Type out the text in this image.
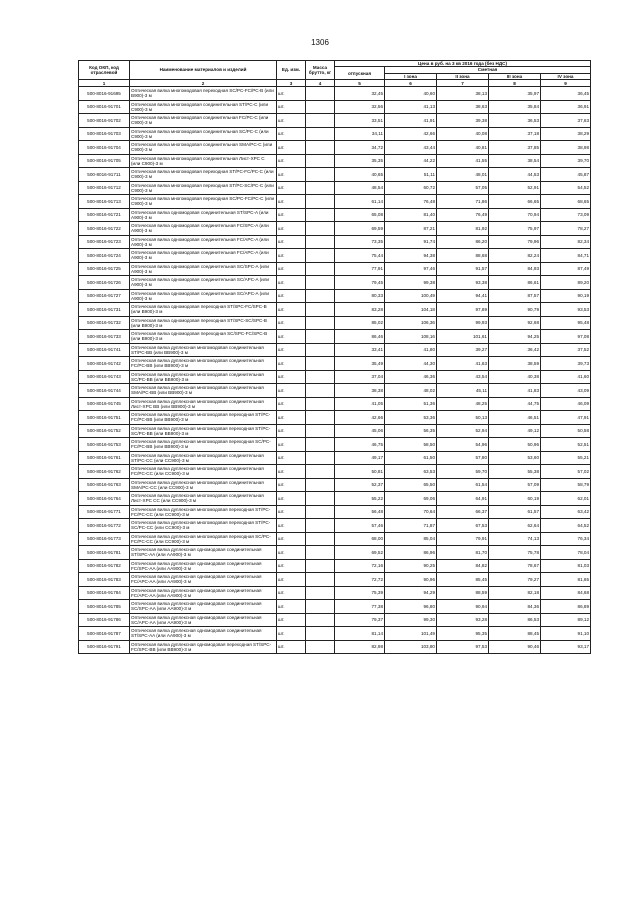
1306
Код ОКП, код отраслевой	Наименование материалов и изделий	Ед. изм.	Масса брутто, кг	Цена в руб. на 3 кв 2016 года (без НДС)				
				отпускная	Сметная			
					I зона	II зона	III зона	IV зона
1	2	3	4	5	6	7	8	9
500-8016-91695	Оптическая вилка многомодовая переходная SC/PC-FC/PC-B (или B900)-3 м	шт.		32,45	40,60	38,13	35,97	36,45
500-8016-91701	Оптическая вилка многомодовая соединительная ST/PC-C (или C900)-3 м	шт.		32,56	41,13	38,63	35,84	36,91
500-8016-91702	Оптическая вилка многомодовая соединительная FC/PC-C (или C900)-3 м	шт.		33,51	41,91	39,38	36,53	37,63
500-8016-91703	Оптическая вилка многомодовая соединительная SC/PC-C (или C900)-3 м	шт.		34,11	42,66	40,08	37,18	38,29
500-8016-91704	Оптическая вилка многомодовая соединительная SMA/PC-C (или C900)-3 м	шт.		34,72	43,44	40,81	37,85	38,98
500-8016-91705	Оптическая вилка многомодовая соединительная Лист-ХРС С (или С900)-3 м	шт.		35,35	44,22	41,55	38,54	39,70
500-8016-91711	Оптическая вилка многомодовая переходная ST/PC-FC/PC-C (или C900)-3 м	шт.		40,65	51,11	48,01	44,53	45,87
500-8016-91712	Оптическая вилка многомодовая переходная ST/PC-SC/PC-C (или C900)-3 м	шт.		48,54	60,72	57,05	52,91	54,52
500-8016-91713	Оптическая вилка многомодовая переходная SC/PC-FC/PC-C (или C900)-3 м	шт.		61,14	76,48	71,86	66,65	68,65
500-8016-91721	Оптическая вилка одномодовая соединительная ST/SPC-A (или A900)-3 м	шт.		65,08	81,40	76,49	70,94	73,09
500-8016-91722	Оптическая вилка одномодовая соединительная FC/SPC-A (или A900)-3 м	шт.		69,59	87,21	81,92	75,97	78,27
500-8016-91723	Оптическая вилка одномодовая соединительная FC/APC-A (или A900)-3 м	шт.		73,35	91,74	86,20	79,96	82,34
500-8016-91724	Оптическая вилка одномодовая соединительная FC/APC-A (или A900)-3 м	шт.		75,44	94,38	88,68	82,24	84,71
500-8016-91725	Оптическая вилка одномодовая соединительная SC/SPC-A (или A900)-3 м	шт.		77,91	97,46	91,57	84,93	87,49
500-8016-91726	Оптическая вилка одномодовая соединительная SC/APC-A (или A900)-3 м	шт.		79,45	99,38	93,38	86,61	89,20
500-8016-91727	Оптическая вилка одномодовая соединительная SC/APC-A (или A900)-3 м	шт.		80,33	100,49	94,41	87,57	90,19
500-8016-91731	Оптическая вилка одномодовая переходная ST/SPC-FC/SPC-B (или B900)-3 м	шт.		83,28	104,18	97,89	90,79	93,53
500-8016-91732	Оптическая вилка одномодовая переходная ST/SPC-SC/SPC-B (или B900)-3 м	шт.		85,02	106,36	99,93	92,68	95,48
500-8016-91733	Оптическая вилка одномодовая переходная SC/SPC-FC/SPC-B (или B900)-3 м	шт.		86,46	108,16	101,61	94,25	97,08
500-8016-91741	Оптическая вилка дуплексная многомодовая соединительная ST/PC-BB (или BB900)-3 м	шт.		33,41	41,80	39,27	36,42	37,52
500-8016-91742	Оптическая вилка дуплексная многомодовая соединительная FC/PC-BB (или BB900)-3 м	шт.		35,49	44,30	41,63	38,59	39,73
500-8016-91743	Оптическая вилка дуплексная многомодовая соединительная SC/PC-BB (или BB900)-3 м	шт.		37,04	46,36	43,54	40,38	41,60
500-8016-91744	Оптическая вилка дуплексная многомодовая соединительная SMA/PC-BB (или BB900)-3 м	шт.		38,38	48,02	45,11	41,83	43,09
500-8016-91745	Оптическая вилка дуплексная многомодовая соединительная Лист-ХРС BB (или BB900)-3 м	шт.		41,05	51,36	48,25	44,75	46,09
500-8016-91751	Оптическая вилка дуплексная многомодовая переходная ST/PC-FC/PC-BB (или BB900)-3 м	шт.		42,66	53,36	50,13	46,51	47,91
500-8016-91752	Оптическая вилка дуплексная многомодовая переходная ST/PC-SC/PC-BB (или BB900)-3 м	шт.		45,06	56,35	52,94	49,12	50,58
500-8016-91753	Оптическая вилка дуплексная многомодовая переходная SC/PC-FC/PC-BB (или BB900)-3 м	шт.		46,75	58,50	54,96	50,96	52,51
500-8016-91761	Оптическая вилка дуплексная многомодовая соединительная ST/PC-CC (или CC900)-3 м	шт.		49,17	61,50	57,80	53,60	55,21
500-8016-91762	Оптическая вилка дуплексная многомодовая соединительная FC/PC-CC (или CC900)-3 м	шт.		50,81	63,53	59,70	55,38	57,02
500-8016-91763	Оптическая вилка дуплексная многомодовая соединительная SMA/PC-CC (или CC900)-3 м	шт.		52,37	65,50	61,54	57,09	58,79
500-8016-91764	Оптическая вилка дуплексная многомодовая соединительная Лист-ХРС СС (или СС900)-3 м	шт.		55,22	69,06	64,91	60,19	62,01
500-8016-91771	Оптическая вилка дуплексная многомодовая переходная ST/PC-FC/PC-CC (или CC900)-3 м	шт.		56,48	70,64	66,37	61,57	63,42
500-8016-91772	Оптическая вилка дуплексная многомодовая переходная ST/PC-SC/PC-CC (или CC900)-3 м	шт.		57,46	71,87	67,53	62,64	64,52
500-8016-91773	Оптическая вилка дуплексная многомодовая переходная SC/PC-FC/PC-CC (или CC900)-3 м	шт.		68,00	85,04	79,91	74,13	76,34
500-8016-91781	Оптическая вилка дуплексная одномодовая соединительная ST/SPC-AA (или AA900)-3 м	шт.		69,52	86,96	81,70	75,78	78,04
500-8016-91782	Оптическая вилка дуплексная одномодовая соединительная FC/SPC-AA (или AA900)-3 м	шт.		72,16	90,25	84,82	78,67	81,03
500-8016-91783	Оптическая вилка дуплексная одномодовая соединительная FC/APC-AA (или AA900)-3 м	шт.		72,72	90,96	85,45	79,27	81,65
500-8016-91784	Оптическая вилка дуплексная одномодовая соединительная FC/APC-AA (или AA900)-3 м	шт.		75,39	94,29	88,59	82,18	84,68
500-8016-91785	Оптическая вилка дуплексная одномодовая соединительная SC/SPC-AA (или AA900)-3 м	шт.		77,38	96,80	90,94	84,36	86,89
500-8016-91786	Оптическая вилка дуплексная одномодовая соединительная SC/APC-AA (или AA900)-3 м	шт.		79,37	99,30	93,28	86,53	89,12
500-8016-91787	Оптическая вилка дуплексная одномодовая соединительная ST/SPC-AA (или AA900)-3 м	шт.		81,14	101,49	95,35	88,45	91,10
500-8016-91791	Оптическая вилка дуплексная одномодовая переходная ST/SPC-FC/SPC-BB (или BB900)-3 м	шт.		82,98	103,80	97,53	90,46	93,17
